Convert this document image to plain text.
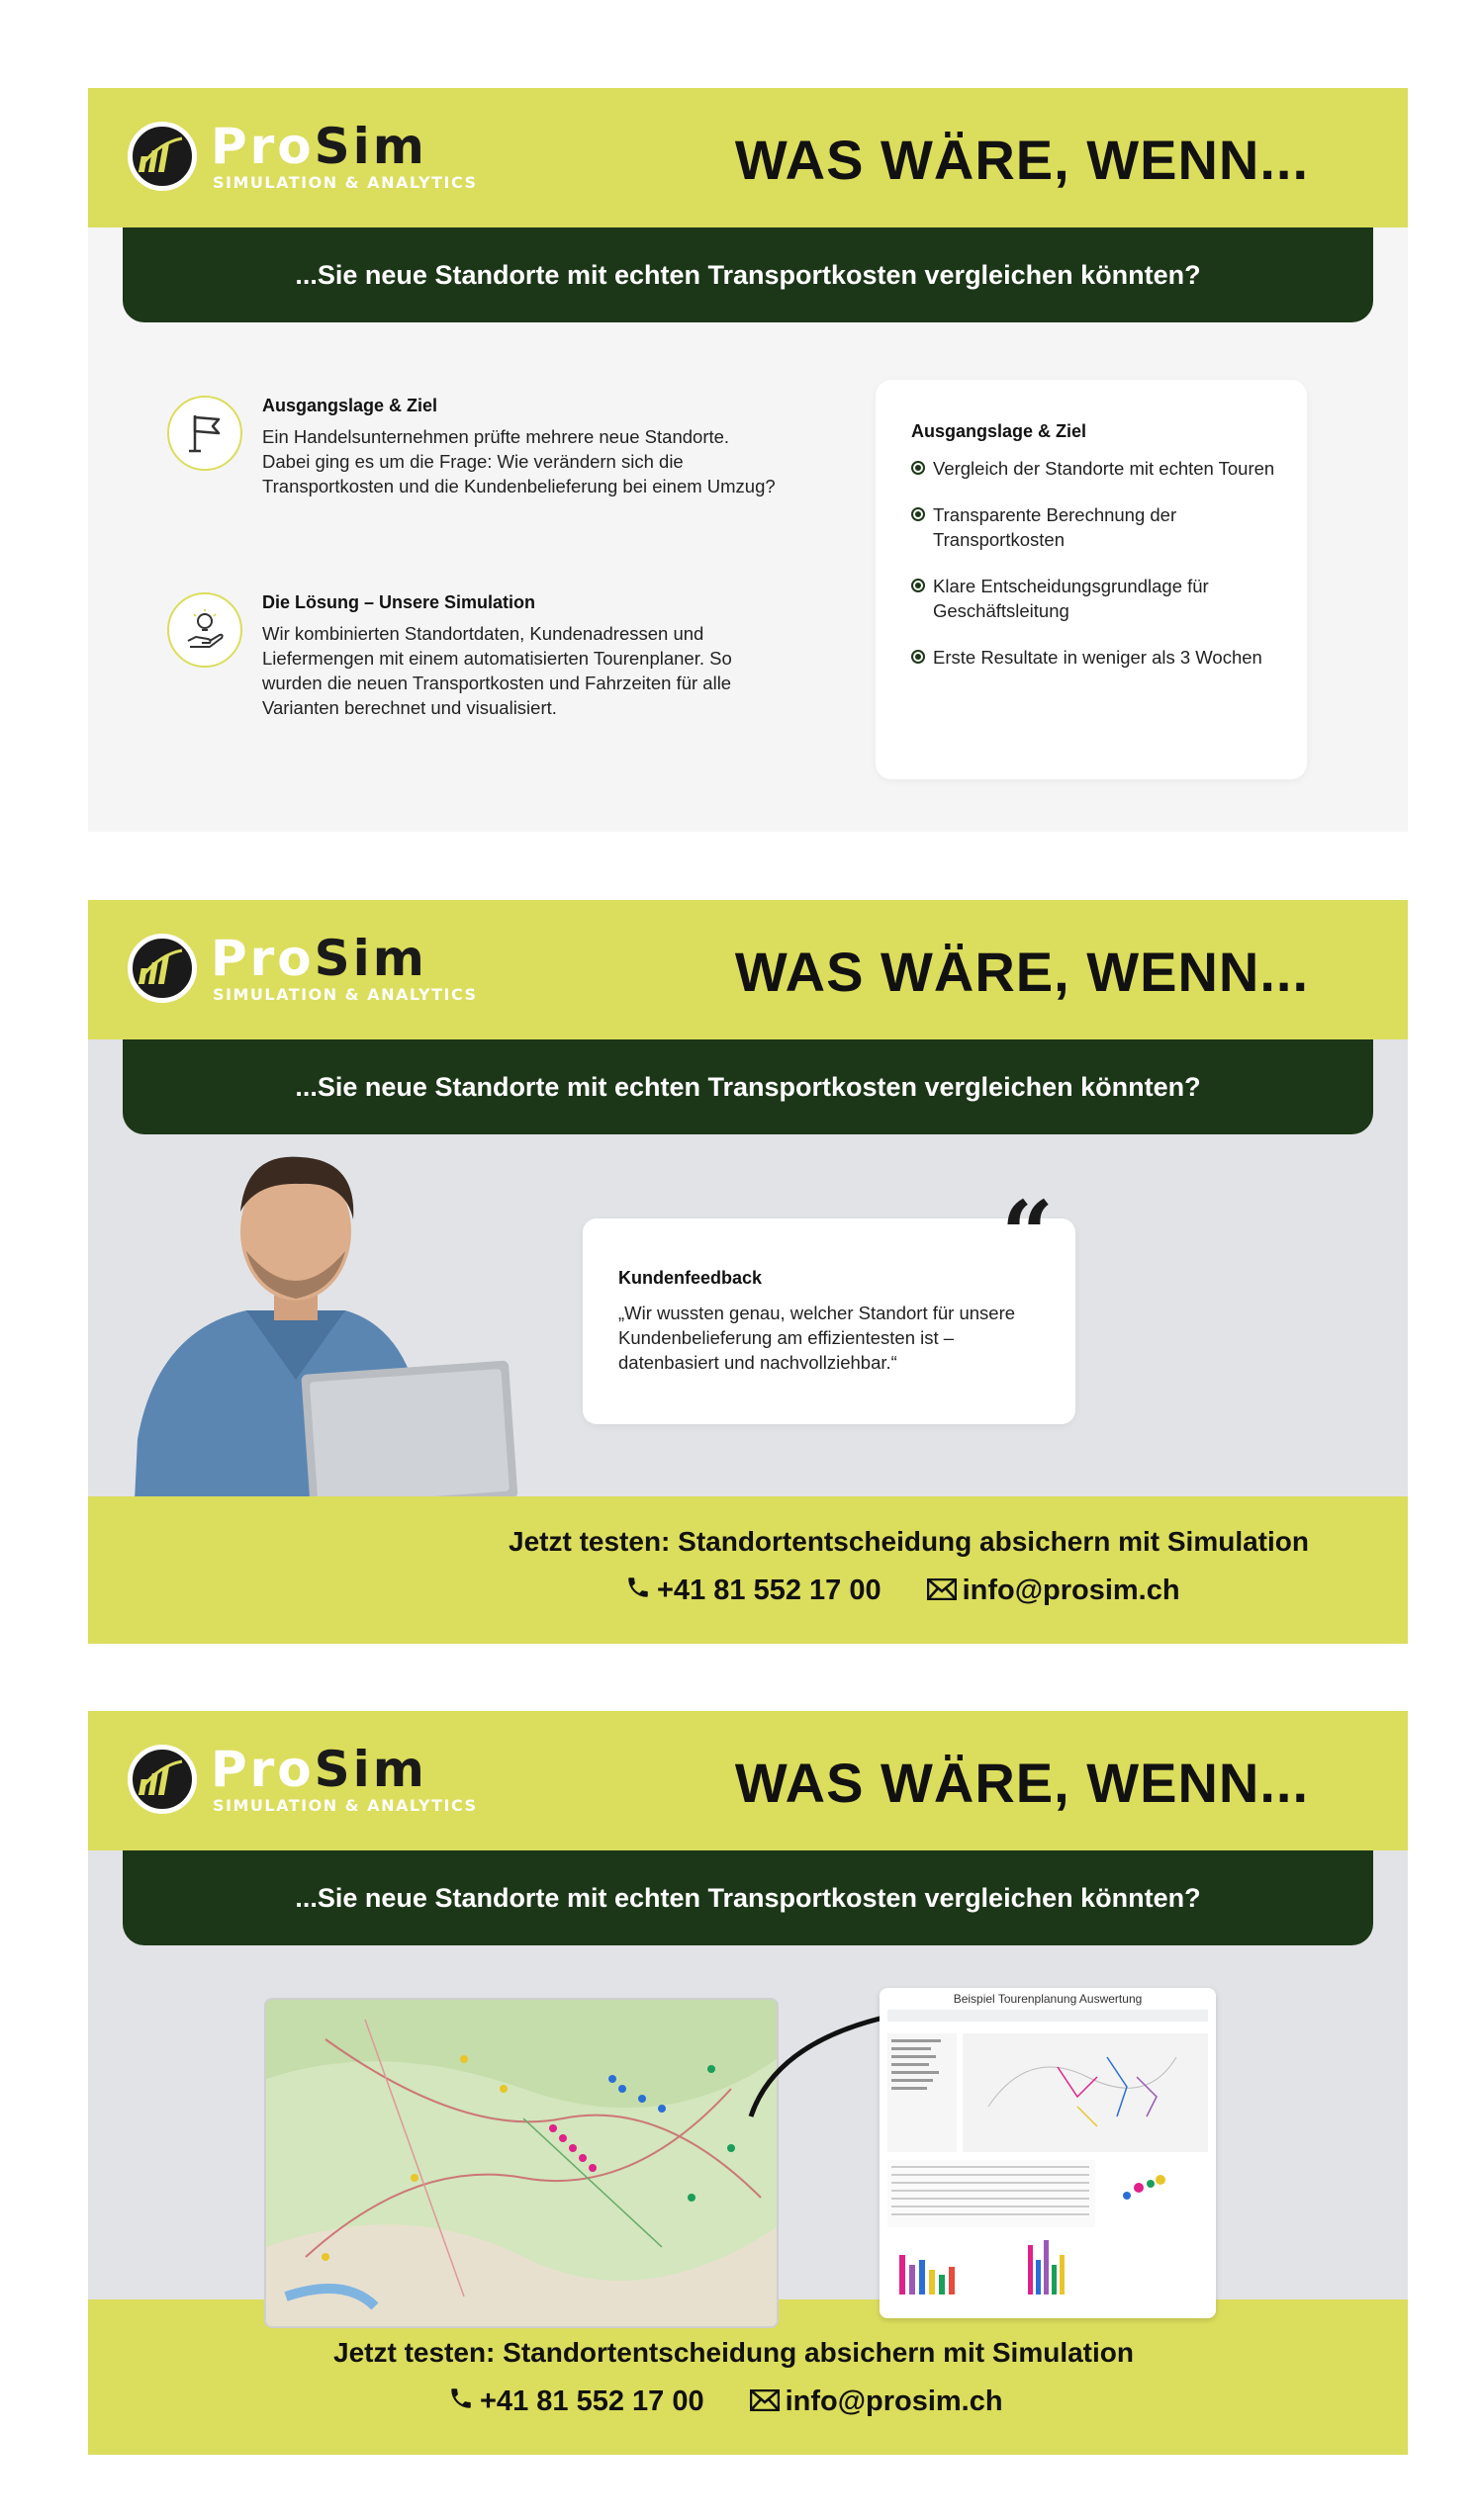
ProSim
SIMULATION & ANALYTICS	WAS WÄRE, WENN...
...Sie neue Standorte mit echten Transportkosten vergleichen könnten?
Ausgangslage & Ziel
Ein Handelsunternehmen prüfte mehrere neue Standorte. Dabei ging es um die Frage: Wie verändern sich die Transportkosten und die Kundenbelieferung bei einem Umzug?
Die Lösung – Unsere Simulation
Wir kombinierten Standortdaten, Kundenadressen und Liefermengen mit einem automatisierten Tourenplaner. So wurden die neuen Transportkosten und Fahrzeiten für alle Varianten berechnet und visualisiert.
Ausgangslage & Ziel
Vergleich der Standorte mit echten Touren
Transparente Berechnung der Transportkosten
Klare Entscheidungsgrundlage für Geschäftsleitung
Erste Resultate in weniger als 3 Wochen
ProSim
SIMULATION & ANALYTICS	WAS WÄRE, WENN...
...Sie neue Standorte mit echten Transportkosten vergleichen könnten?
“
Kundenfeedback
„Wir wussten genau, welcher Standort für unsere Kundenbelieferung am effizientesten ist – datenbasiert und nachvollziehbar.“
Jetzt testen: Standortentscheidung absichern mit Simulation
+41 81 552 17 00	info@prosim.ch
ProSim
SIMULATION & ANALYTICS	WAS WÄRE, WENN...
...Sie neue Standorte mit echten Transportkosten vergleichen könnten?
Beispiel Tourenplanung Auswertung
Jetzt testen: Standortentscheidung absichern mit Simulation
+41 81 552 17 00	info@prosim.ch
